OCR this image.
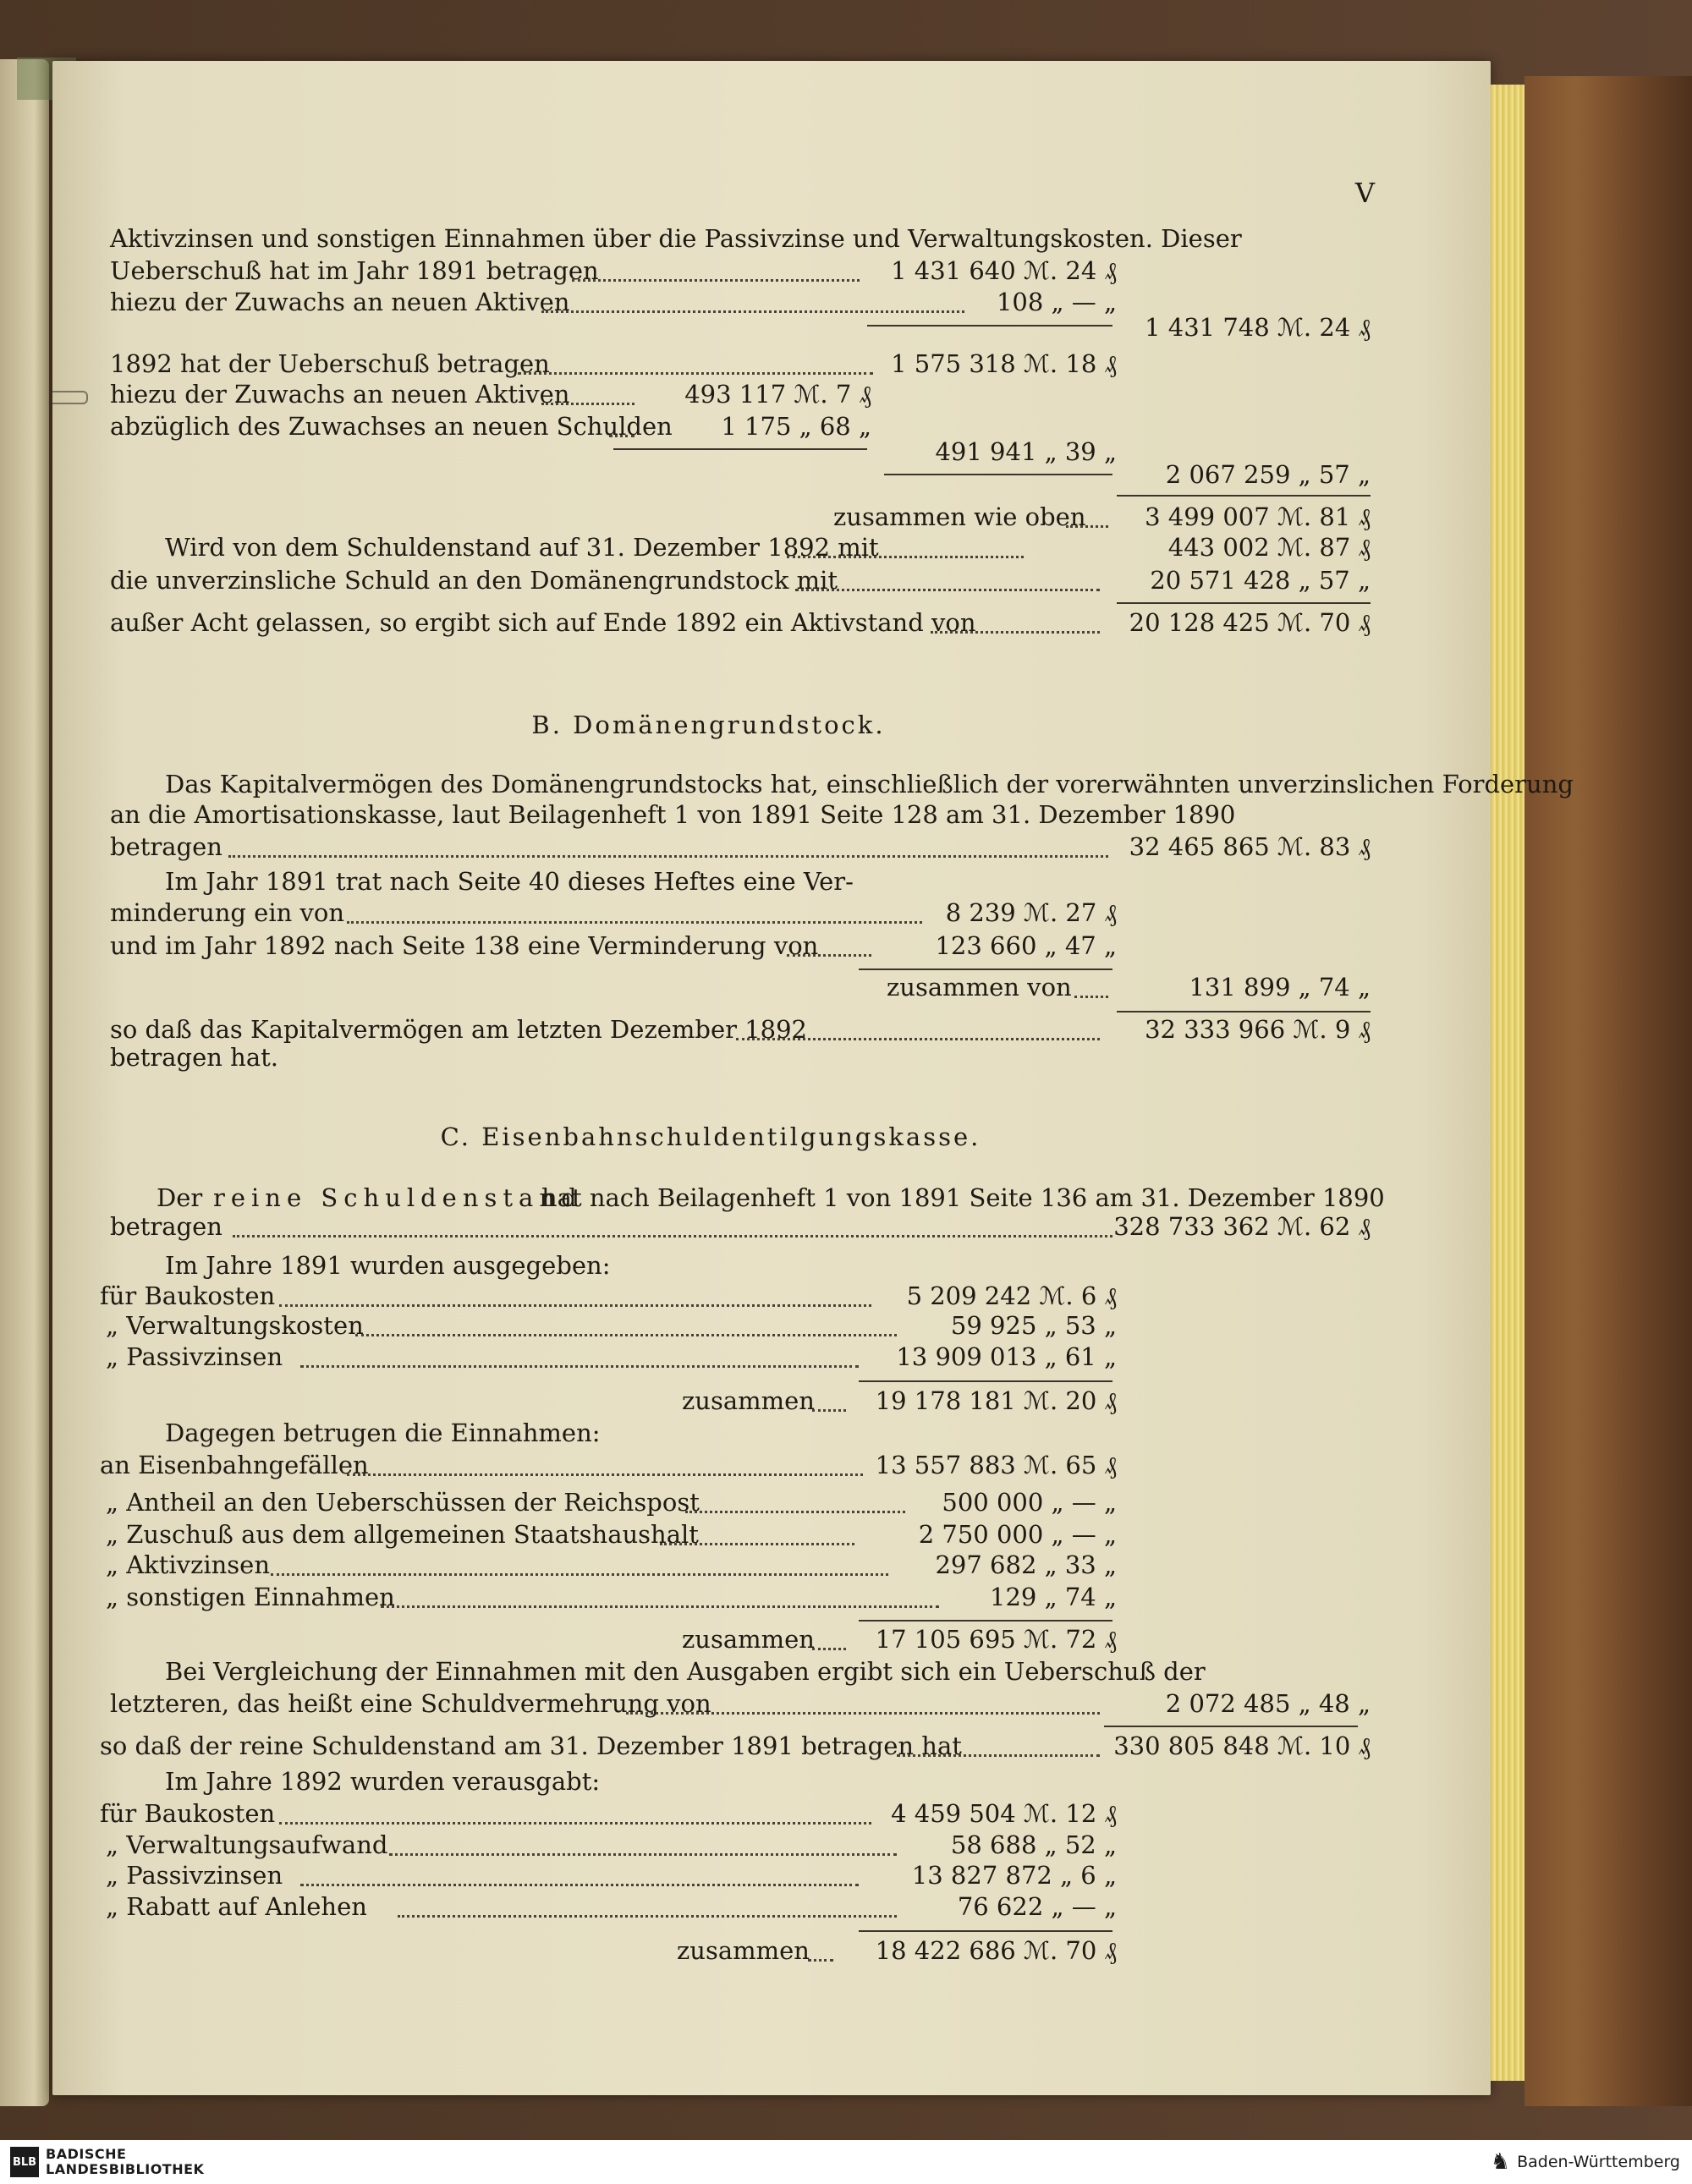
V
Aktivzinsen und sonstigen Einnahmen über die Passivzinse und Verwaltungskosten. Dieser
Ueberschuß hat im Jahr 1891 betragen	1 431 640 ℳ. 24 ₰
hiezu der Zuwachs an neuen Aktiven	108 „ — „
1 431 748 ℳ. 24 ₰
1892 hat der Ueberschuß betragen	1 575 318 ℳ. 18 ₰
hiezu der Zuwachs an neuen Aktiven	493 117 ℳ. 7 ₰
abzüglich des Zuwachses an neuen Schulden	1 175 „ 68 „
491 941 „ 39 „
2 067 259 „ 57 „
zusammen wie oben	3 499 007 ℳ. 81 ₰
Wird von dem Schuldenstand auf 31. Dezember 1892 mit	443 002 ℳ. 87 ₰
die unverzinsliche Schuld an den Domänengrundstock mit	20 571 428 „ 57 „
außer Acht gelassen, so ergibt sich auf Ende 1892 ein Aktivstand von	20 128 425 ℳ. 70 ₰
B. Domänengrundstock.
Das Kapitalvermögen des Domänengrundstocks hat, einschließlich der vorerwähnten unverzinslichen Forderung
an die Amortisationskasse, laut Beilagenheft 1 von 1891 Seite 128 am 31. Dezember 1890
betragen	32 465 865 ℳ. 83 ₰
Im Jahr 1891 trat nach Seite 40 dieses Heftes eine Ver-
minderung ein von	8 239 ℳ. 27 ₰
und im Jahr 1892 nach Seite 138 eine Verminderung von	123 660 „ 47 „
zusammen von	131 899 „ 74 „
so daß das Kapitalvermögen am letzten Dezember 1892	32 333 966 ℳ. 9 ₰
betragen hat.
C. Eisenbahnschuldentilgungskasse.
Der reine Schuldenstand
hat nach Beilagenheft 1 von 1891 Seite 136 am 31. Dezember 1890
betragen	328 733 362 ℳ. 62 ₰
Im Jahre 1891 wurden ausgegeben:
für Baukosten	5 209 242 ℳ. 6 ₰
„ Verwaltungskosten	59 925 „ 53 „
„ Passivzinsen	13 909 013 „ 61 „
zusammen	19 178 181 ℳ. 20 ₰
Dagegen betrugen die Einnahmen:
an Eisenbahngefällen	13 557 883 ℳ. 65 ₰
„ Antheil an den Ueberschüssen der Reichspost	500 000 „ — „
„ Zuschuß aus dem allgemeinen Staatshaushalt	2 750 000 „ — „
„ Aktivzinsen	297 682 „ 33 „
„ sonstigen Einnahmen	129 „ 74 „
zusammen	17 105 695 ℳ. 72 ₰
Bei Vergleichung der Einnahmen mit den Ausgaben ergibt sich ein Ueberschuß der
letzteren, das heißt eine Schuldvermehrung von	2 072 485 „ 48 „
so daß der reine Schuldenstand am 31. Dezember 1891 betragen hat	330 805 848 ℳ. 10 ₰
Im Jahre 1892 wurden verausgabt:
für Baukosten	4 459 504 ℳ. 12 ₰
„ Verwaltungsaufwand	58 688 „ 52 „
„ Passivzinsen	13 827 872 „ 6 „
„ Rabatt auf Anlehen	76 622 „ — „
zusammen	18 422 686 ℳ. 70 ₰
BLB BADISCHE
LANDESBIBLIOTHEK	♞ Baden-Württemberg
